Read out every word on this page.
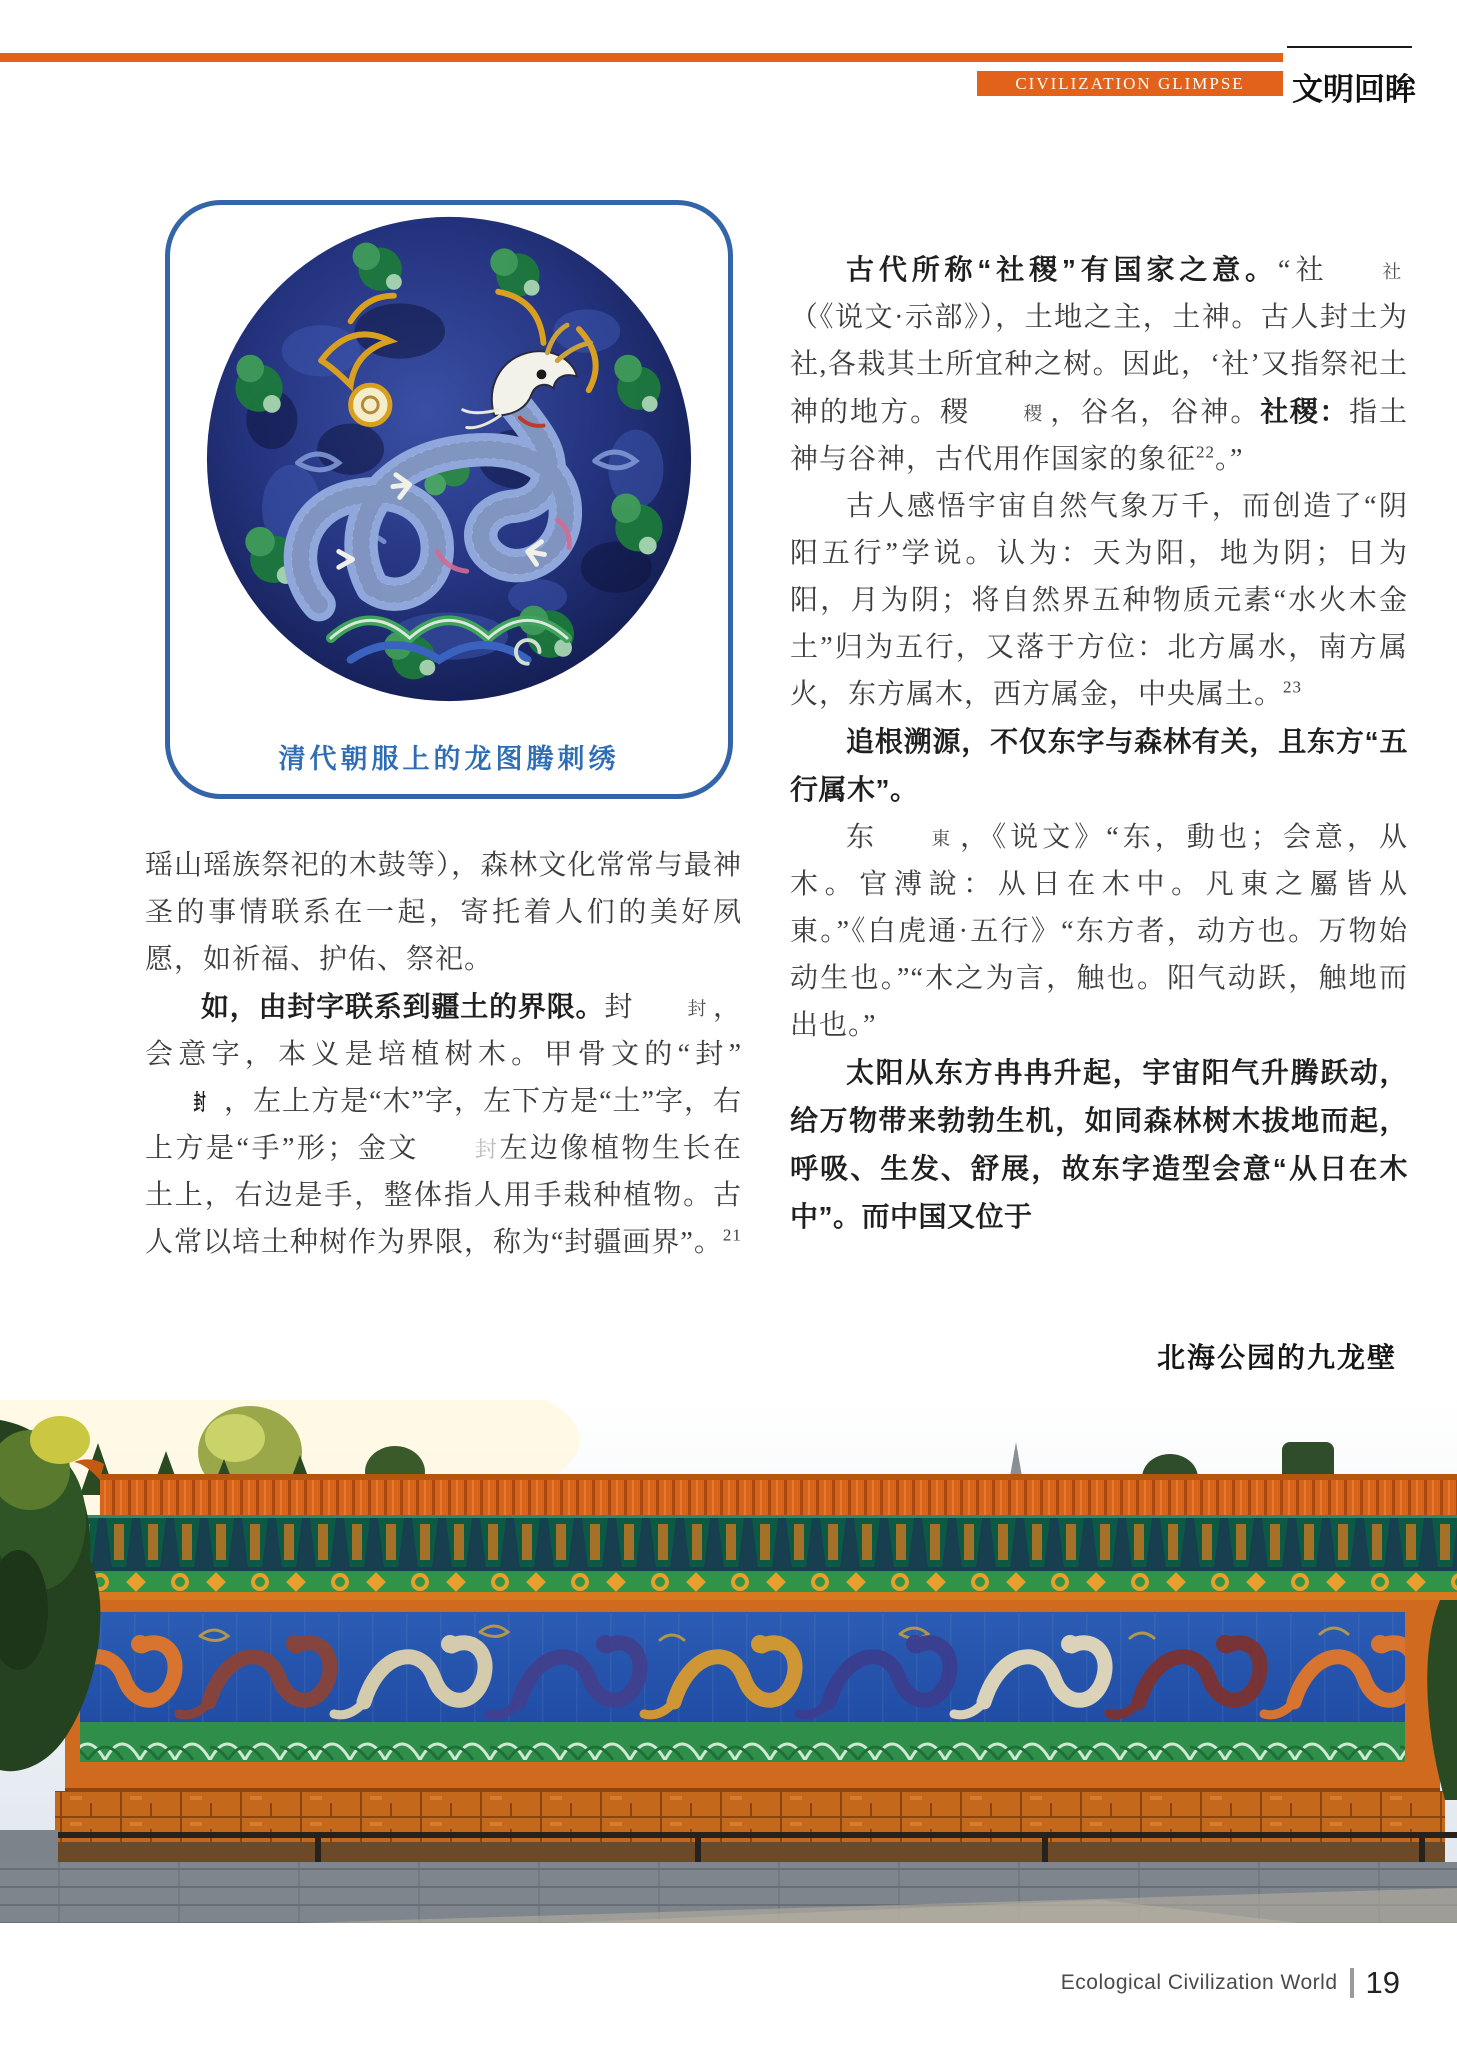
CIVILIZATION GLIMPSE	文明回眸
清代朝服上的龙图腾刺绣

瑶山瑶族祭祀的木鼓等），森林文化常常与最神圣的事情联系在一起，寄托着人们的美好夙愿，如祈福、护佑、祭祀。

如，由封字联系到疆土的界限。封 封 ，会意字，本义是培植树木。甲骨文的“封”封 ，左上方是“木”字，左下方是“土”字，右上方是“手”形；金文	封左边像植物生长在土上，右边是手，整体指人用手栽种植物。古人常以培土种树作为界限，称为“封疆画界”。$^{21}$

古代所称“社稷”有国家之意。“社 社（《说文·示部》），土地之主，土神。古人封土为社,各栽其土所宜种之树。因此，‘社’又指祭祀土神的地方。稷 稷 ，谷名，谷神。社稷：指土神与谷神，古代用作国家的象征$^{22}$。”

古人感悟宇宙自然气象万千，而创造了“阴阳五行”学说。认为：天为阳，地为阴；日为阳，月为阴；将自然界五种物质元素“水火木金土”归为五行，又落于方位：北方属水，南方属火，东方属木，西方属金，中央属土。$^{23}$

追根溯源，不仅东字与森林有关，且东方“五行属木”。

东 東 ，《说文》“东，動也；会意，从木。官溥說：从日在木中。凡東之屬皆从東。”《白虎通·五行》“东方者，动方也。万物始动生也。”“木之为言，触也。阳气动跃，触地而出也。”

太阳从东方冉冉升起，宇宙阳气升腾跃动，给万物带来勃勃生机，如同森林树木拔地而起，呼吸、生发、舒展，故东字造型会意“从日在木中”。而中国又位于

北海公园的九龙壁
Ecological Civilization World 19
